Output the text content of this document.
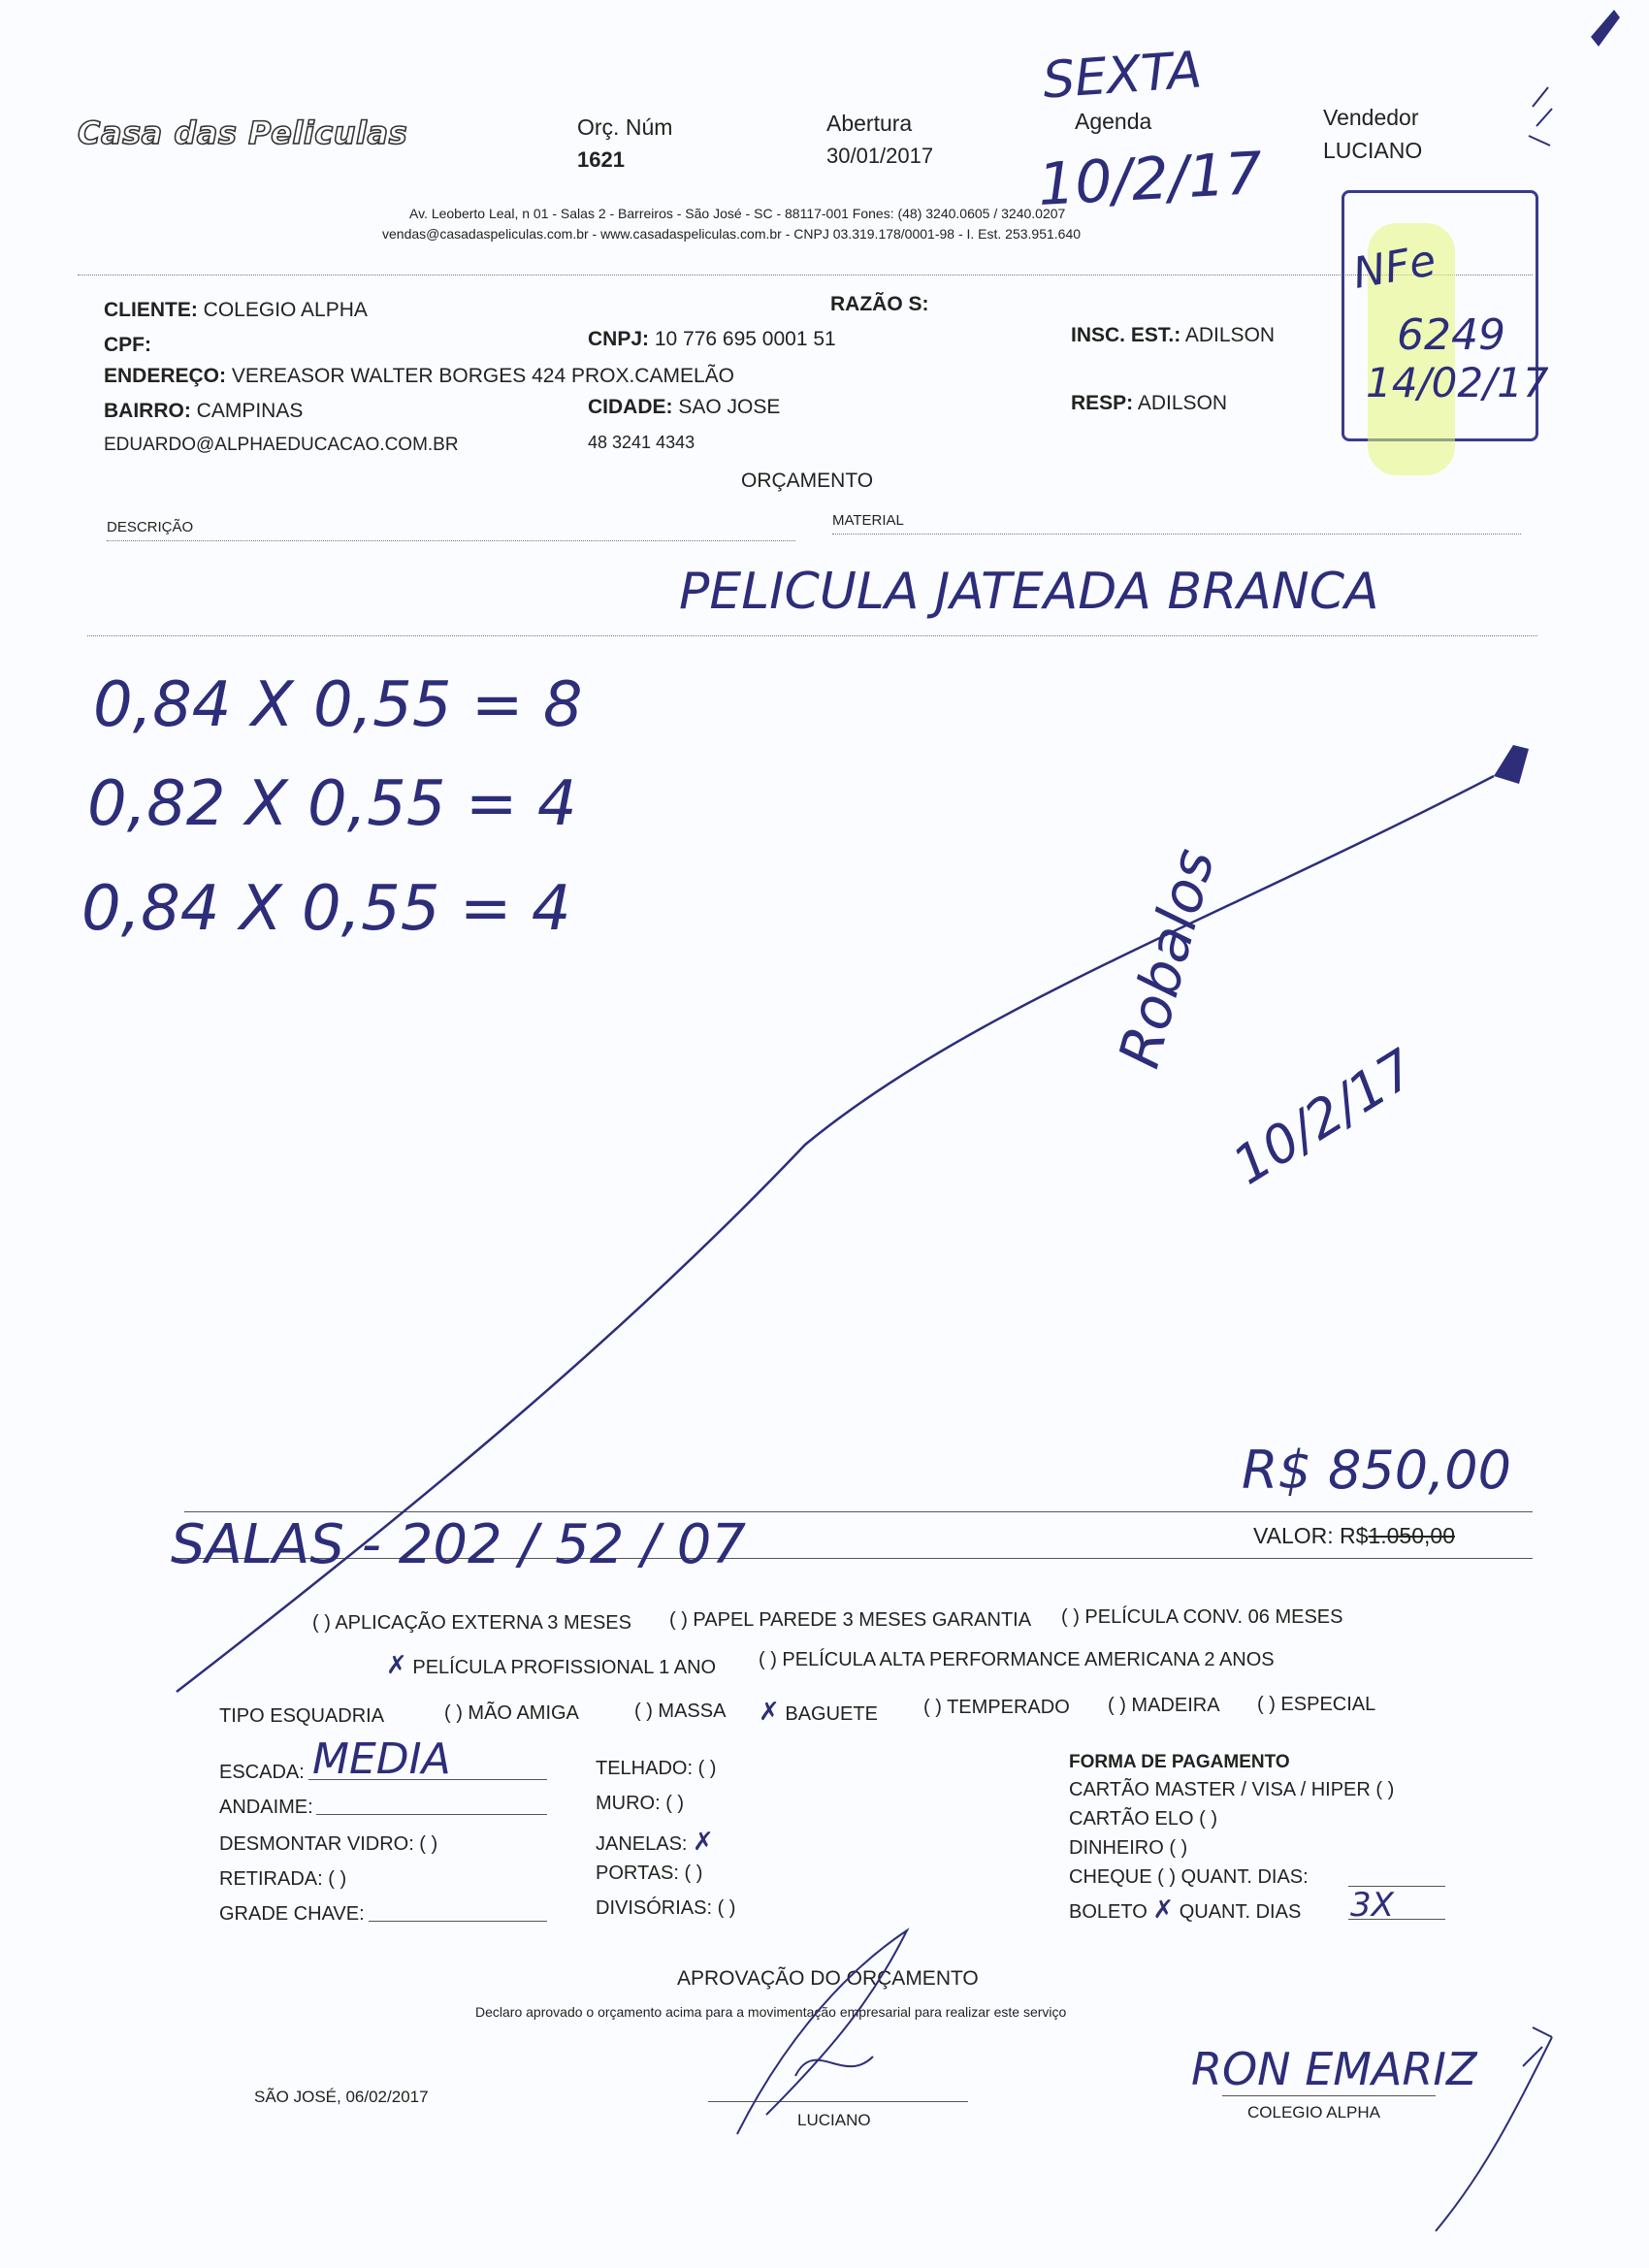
Casa das Peliculas	Orç. Núm
1621
Abertura
30/01/2017
Agenda	Vendedor
LUCIANO
Av. Leoberto Leal, n 01 - Salas 2 - Barreiros - São José - SC - 88117-001 Fones: (48) 3240.0605 / 3240.0207
vendas@casadaspeliculas.com.br - www.casadaspeliculas.com.br - CNPJ 03.319.178/0001-98 - I. Est. 253.951.640
SEXTA
10/2/17
NFe
6249
14/02/17
CLIENTE: COLEGIO ALPHA	RAZÃO S:
CPF:	CNPJ: 10 776 695 0001 51	INSC. EST.: ADILSON
ENDEREÇO: VEREASOR WALTER BORGES 424 PROX.CAMELÃO
BAIRRO: CAMPINAS	CIDADE: SAO JOSE	RESP: ADILSON
EDUARDO@ALPHAEDUCACAO.COM.BR	48 3241 4343
ORÇAMENTO
DESCRIÇÃO	MATERIAL
PELICULA JATEADA BRANCA
0,84 X 0,55 = 8
0,82 X 0,55 = 4
0,84 X 0,55 = 4	Robalos
10/2/17
R$ 850,00
VALOR: R$1.050,00
SALAS - 202 / 52 / 07
( ) APLICAÇÃO EXTERNA 3 MESES ( ) PAPEL PAREDE 3 MESES GARANTIA ( ) PELÍCULA CONV. 06 MESES
✗ PELÍCULA PROFISSIONAL 1 ANO ( ) PELÍCULA ALTA PERFORMANCE AMERICANA 2 ANOS
TIPO ESQUADRIA	( ) MÃO AMIGA	( ) MASSA ✗ BAGUETE ( ) TEMPERADO ( ) MADEIRA ( ) ESPECIAL
ESCADA: MEDIA
ANDAIME:
DESMONTAR VIDRO: ( )
RETIRADA: ( )
GRADE CHAVE:
TELHADO: ( )
MURO: ( )
JANELAS: ✗
PORTAS: ( )
DIVISÓRIAS: ( )
FORMA DE PAGAMENTO
CARTÃO MASTER / VISA / HIPER ( )
CARTÃO ELO ( )
DINHEIRO ( )
CHEQUE ( ) QUANT. DIAS:
BOLETO ✗ QUANT. DIAS 3X
APROVAÇÃO DO ORÇAMENTO
Declaro aprovado o orçamento acima para a movimentação empresarial para realizar este serviço
SÃO JOSÉ, 06/02/2017
LUCIANO	COLEGIO ALPHA
RON EMARIZ
